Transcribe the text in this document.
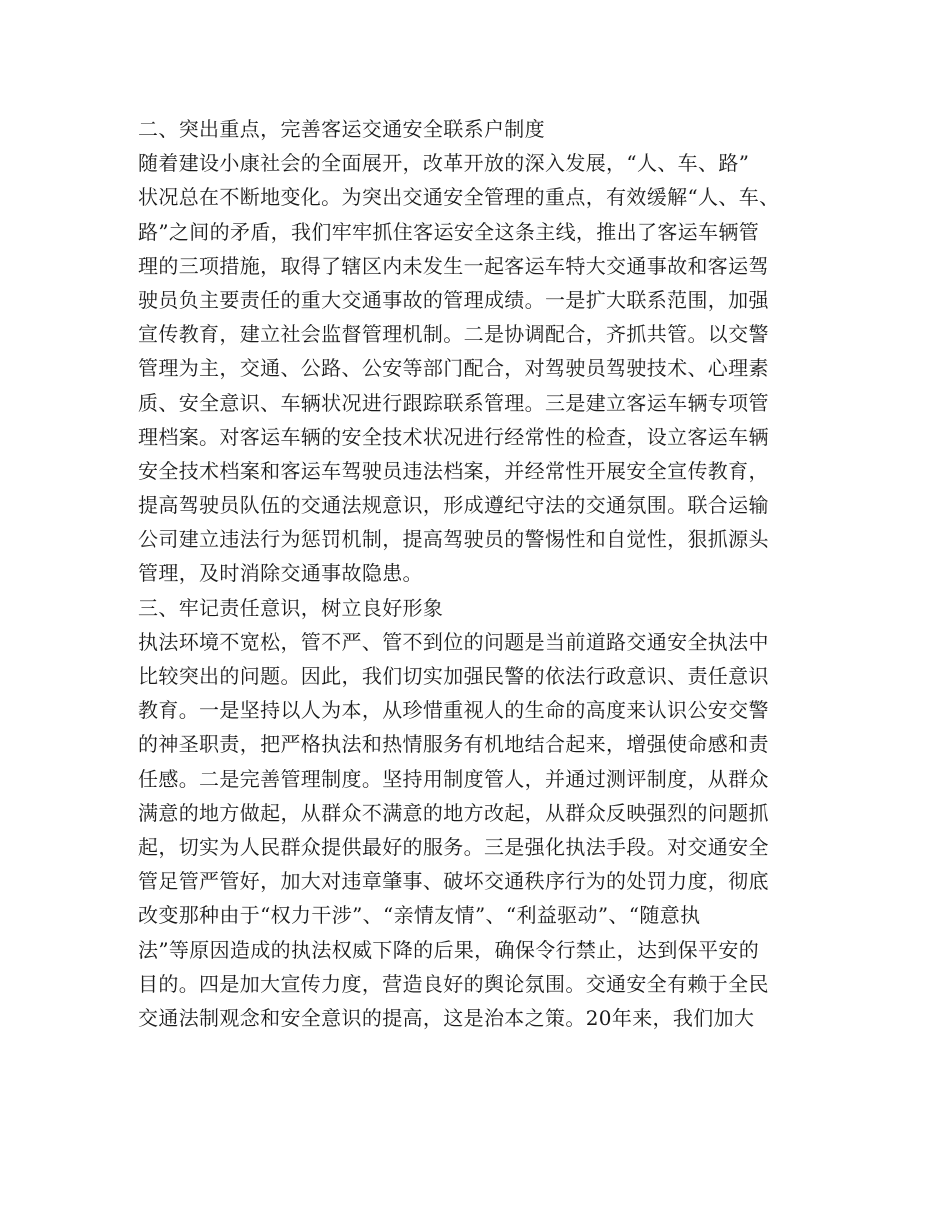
二、突出重点，完善客运交通安全联系户制度
随着建设小康社会的全面展开，改革开放的深入发展，“人、车、路”
状况总在不断地变化。为突出交通安全管理的重点，有效缓解“人、车、
路”之间的矛盾，我们牢牢抓住客运安全这条主线，推出了客运车辆管
理的三项措施，取得了辖区内未发生一起客运车特大交通事故和客运驾
驶员负主要责任的重大交通事故的管理成绩。一是扩大联系范围，加强
宣传教育，建立社会监督管理机制。二是协调配合，齐抓共管。以交警
管理为主，交通、公路、公安等部门配合，对驾驶员驾驶技术、心理素
质、安全意识、车辆状况进行跟踪联系管理。三是建立客运车辆专项管
理档案。对客运车辆的安全技术状况进行经常性的检查，设立客运车辆
安全技术档案和客运车驾驶员违法档案，并经常性开展安全宣传教育，
提高驾驶员队伍的交通法规意识，形成遵纪守法的交通氛围。联合运输
公司建立违法行为惩罚机制，提高驾驶员的警惕性和自觉性，狠抓源头
管理，及时消除交通事故隐患。
三、牢记责任意识，树立良好形象
执法环境不宽松，管不严、管不到位的问题是当前道路交通安全执法中
比较突出的问题。因此，我们切实加强民警的依法行政意识、责任意识
教育。一是坚持以人为本，从珍惜重视人的生命的高度来认识公安交警
的神圣职责，把严格执法和热情服务有机地结合起来，增强使命感和责
任感。二是完善管理制度。坚持用制度管人，并通过测评制度，从群众
满意的地方做起，从群众不满意的地方改起，从群众反映强烈的问题抓
起，切实为人民群众提供最好的服务。三是强化执法手段。对交通安全
管足管严管好，加大对违章肇事、破坏交通秩序行为的处罚力度，彻底
改变那种由于“权力干涉”、“亲情友情”、“利益驱动”、“随意执
法”等原因造成的执法权威下降的后果，确保令行禁止，达到保平安的
目的。四是加大宣传力度，营造良好的舆论氛围。交通安全有赖于全民
交通法制观念和安全意识的提高，这是治本之策。20年来，我们加大
